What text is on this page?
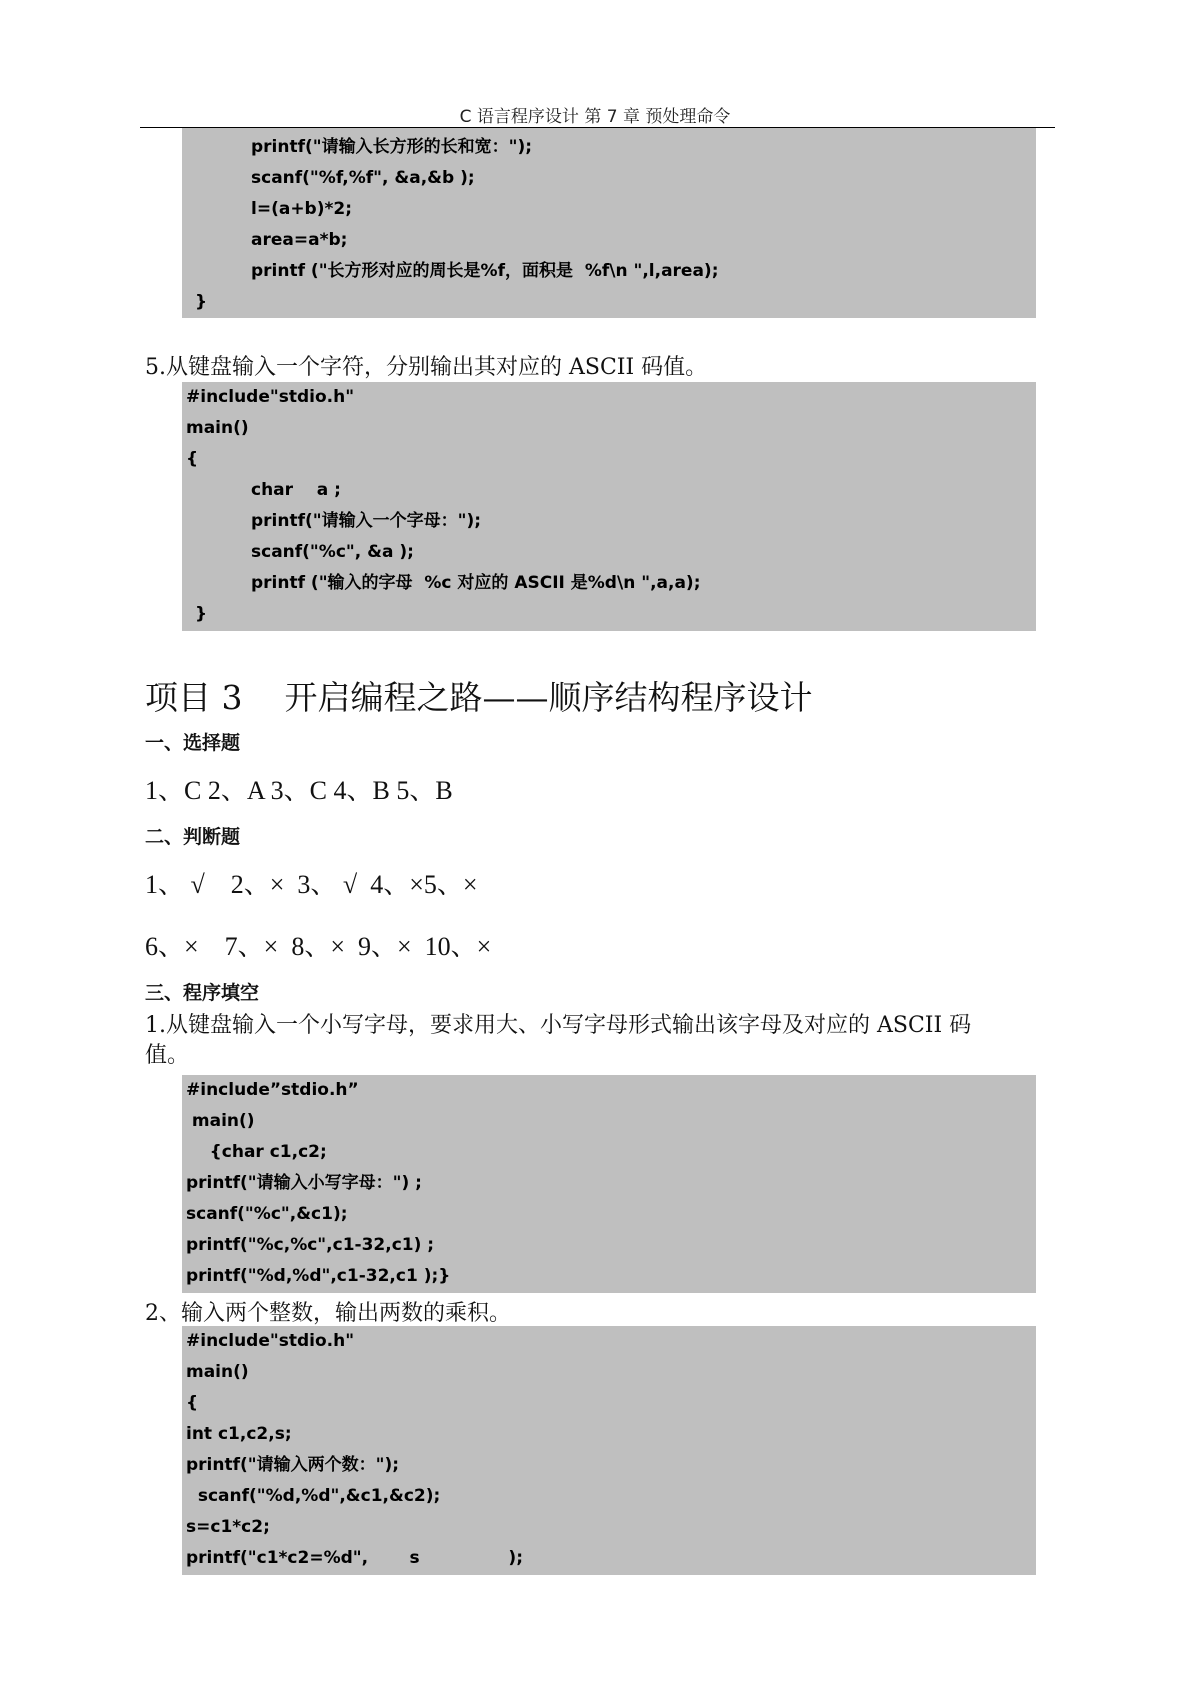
C 语言程序设计 第 7 章 预处理命令
printf("请输入长方形的长和宽：");
scanf("%f,%f", &a,&b );
l=(a+b)*2;
area=a*b;
printf ("长方形对应的周长是%f，面积是  %f\n ",l,area);
}
5.从键盘输入一个字符，分别输出其对应的 ASCII 码值。
#include"stdio.h"
main()
{
char    a ;
printf("请输入一个字母：");
scanf("%c", &a );
printf ("输入的字母  %c 对应的 ASCII 是%d\n ",a,a);
}
项目 3    开启编程之路——顺序结构程序设计
一、选择题
1、C 2、A 3、C 4、B 5、B
二、判断题
1、 √    2、×  3、 √  4、×5、×
6、×    7、×  8、×  9、×  10、×
三、程序填空
1.从键盘输入一个小写字母，要求用大、小写字母形式输出该字母及对应的 ASCII 码
值。
#include”stdio.h”
main()
{char c1,c2;
printf("请输入小写字母：") ;
scanf("%c",&c1);
printf("%c,%c",c1-32,c1) ;
printf("%d,%d",c1-32,c1 );}
2、输入两个整数，输出两数的乘积。
#include"stdio.h"
main()
{
int c1,c2,s;
printf("请输入两个数：");
scanf("%d,%d",&c1,&c2);
s=c1*c2;
printf("c1*c2=%d",       s               );
